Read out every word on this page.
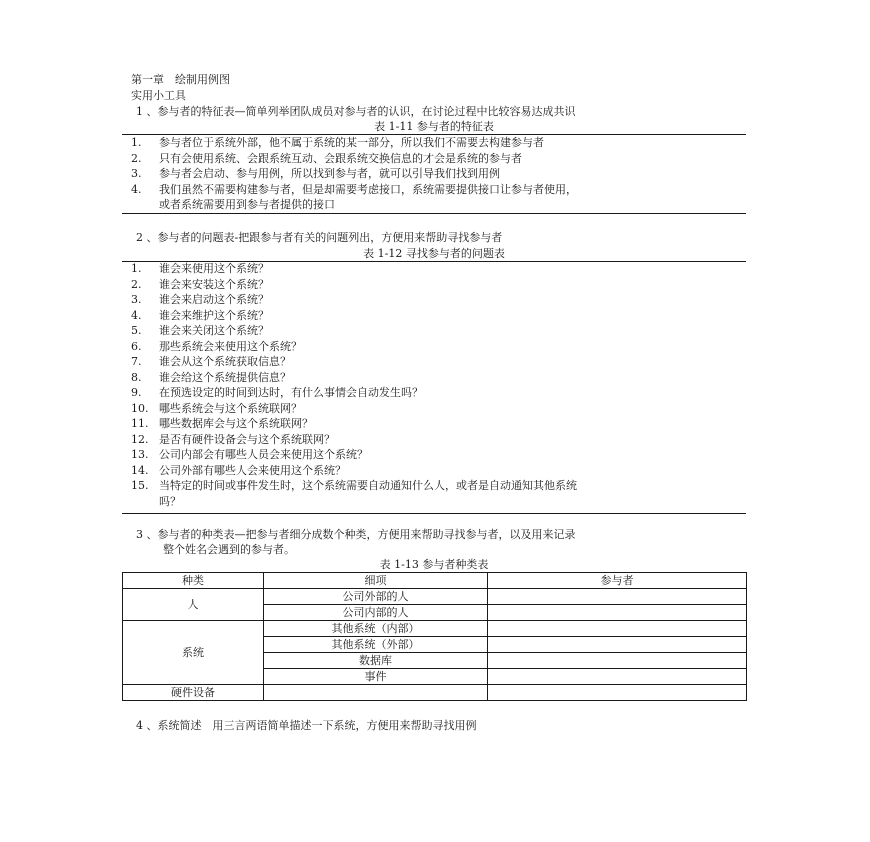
第一章　绘制用例图
实用小工具
1 、参与者的特征表—简单列举团队成员对参与者的认识，在讨论过程中比较容易达成共识
表 1-11 参与者的特征表
1.	参与者位于系统外部，他不属于系统的某一部分，所以我们不需要去构建参与者
2.	只有会使用系统、会跟系统互动、会跟系统交换信息的才会是系统的参与者
3.	参与者会启动、参与用例，所以找到参与者，就可以引导我们找到用例
4.	我们虽然不需要构建参与者，但是却需要考虑接口，系统需要提供接口让参与者使用，
或者系统需要用到参与者提供的接口
2 、参与者的问题表-把跟参与者有关的问题列出，方便用来帮助寻找参与者
表 1-12 寻找参与者的问题表
1.	谁会来使用这个系统？
2.	谁会来安装这个系统？
3.	谁会来启动这个系统？
4.	谁会来维护这个系统？
5.	谁会来关闭这个系统？
6.	那些系统会来使用这个系统？
7.	谁会从这个系统获取信息？
8.	谁会给这个系统提供信息？
9.	在预选设定的时间到达时，有什么事情会自动发生吗？
10. 哪些系统会与这个系统联网？
11. 哪些数据库会与这个系统联网？
12. 是否有硬件设备会与这个系统联网？
13. 公司内部会有哪些人员会来使用这个系统？
14. 公司外部有哪些人会来使用这个系统？
15. 当特定的时间或事件发生时，这个系统需要自动通知什么人，或者是自动通知其他系统
吗？
3 、参与者的种类表—把参与者细分成数个种类，方便用来帮助寻找参与者，以及用来记录
整个姓名会遇到的参与者。
表 1-13 参与者种类表
种类	细项	参与者
人	公司外部的人	
	公司内部的人	
系统	其他系统（内部）	
	其他系统（外部）	
	数据库	
	事件	
硬件设备		
4 、系统简述　用三言两语简单描述一下系统，方便用来帮助寻找用例
